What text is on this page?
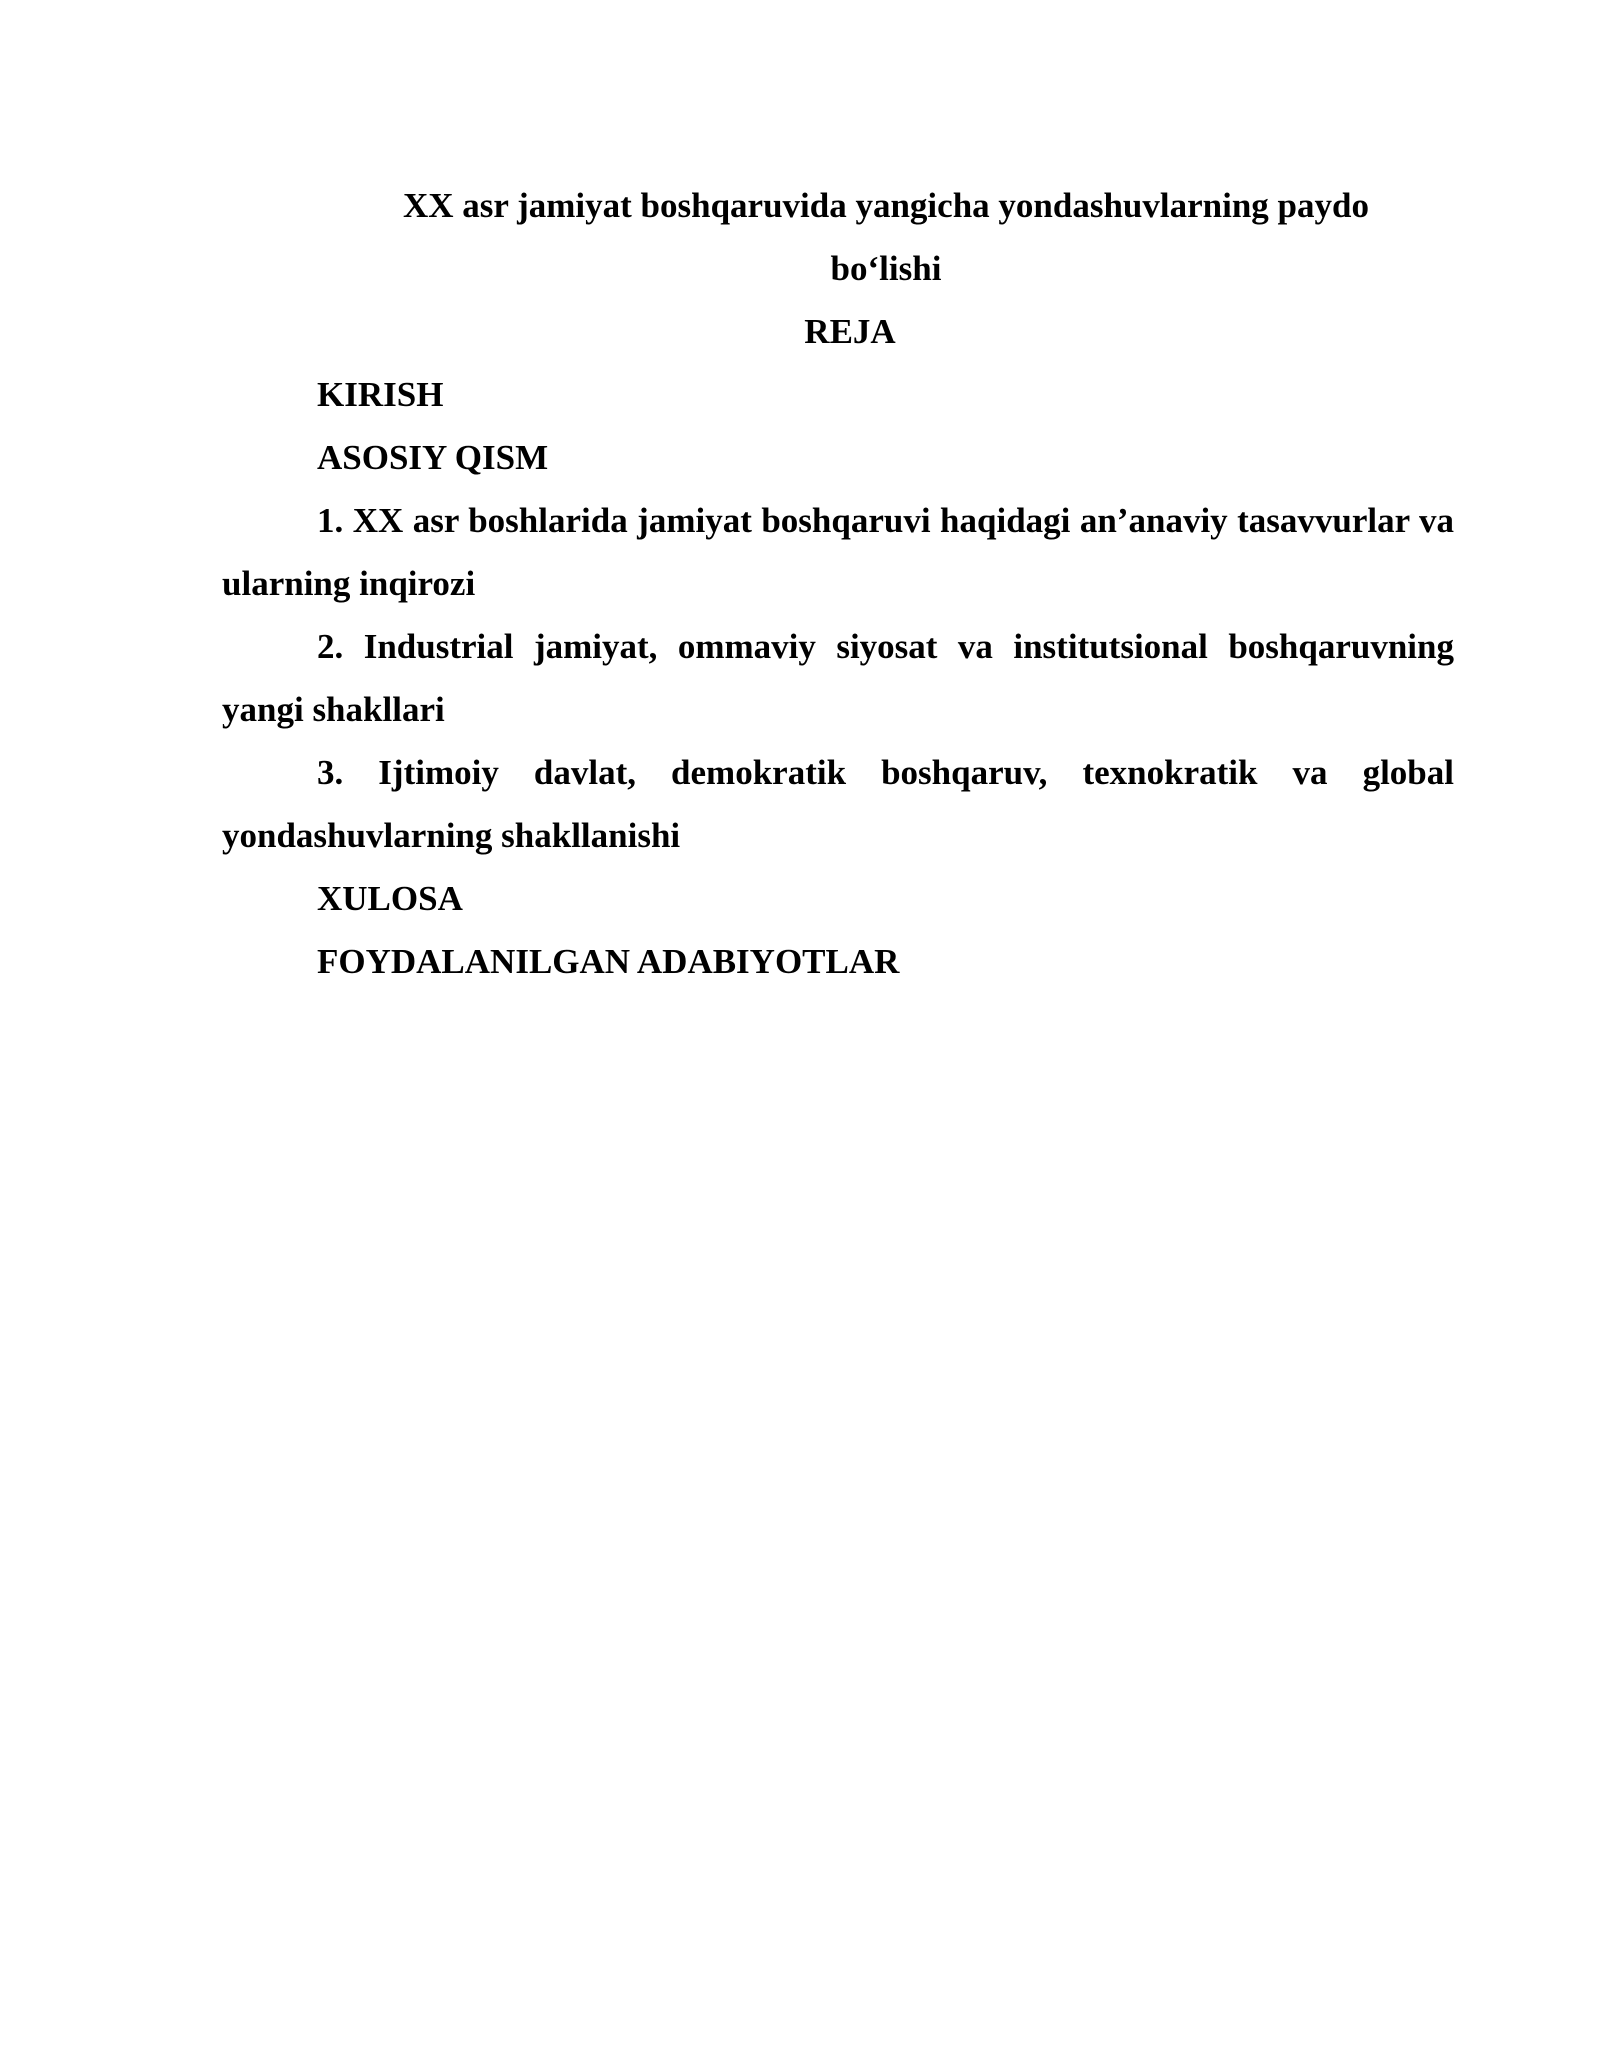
XX asr jamiyat boshqaruvida yangicha yondashuvlarning paydo
bo‘lishi

REJA

KIRISH

ASOSIY QISM

1. XX asr boshlarida jamiyat boshqaruvi haqidagi an’anaviy tasavvurlar va ularning inqirozi

2. Industrial jamiyat, ommaviy siyosat va institutsional boshqaruvning yangi shakllari

3. Ijtimoiy davlat, demokratik boshqaruv, texnokratik va global yondashuvlarning shakllanishi

XULOSA

FOYDALANILGAN ADABIYOTLAR
